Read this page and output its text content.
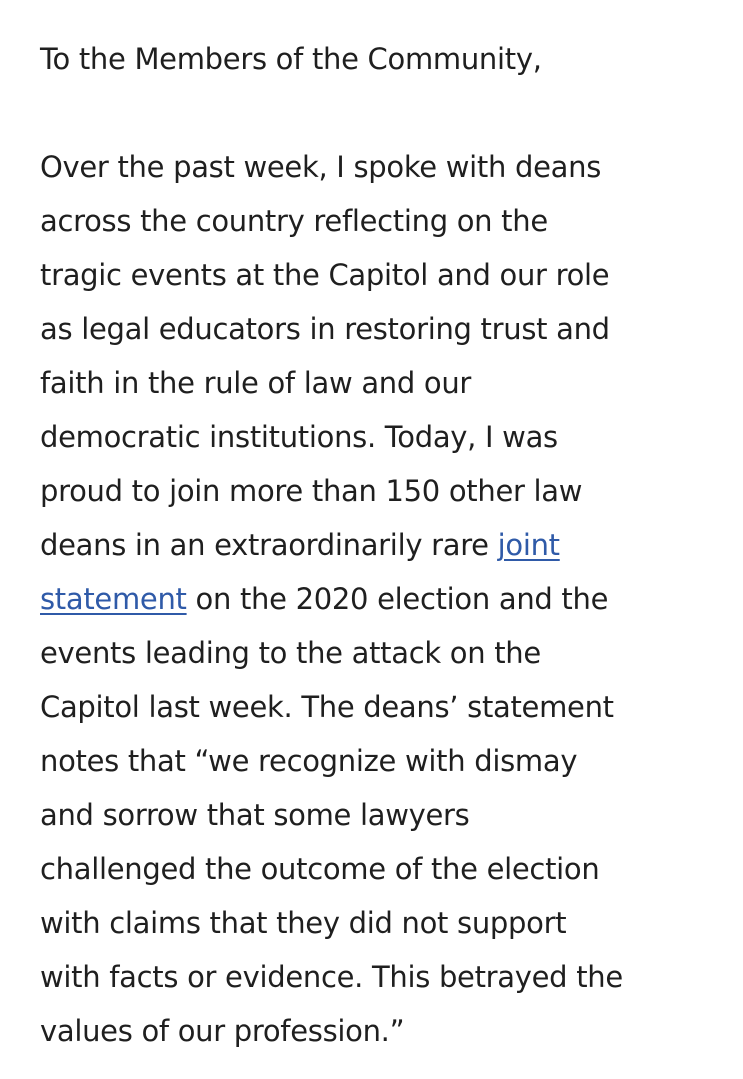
To the Members of the Community,
Over the past week, I spoke with deans
across the country reflecting on the
tragic events at the Capitol and our role
as legal educators in restoring trust and
faith in the rule of law and our
democratic institutions. Today, I was
proud to join more than 150 other law
deans in an extraordinarily rare joint
statement on the 2020 election and the
events leading to the attack on the
Capitol last week. The deans’ statement
notes that “we recognize with dismay
and sorrow that some lawyers
challenged the outcome of the election
with claims that they did not support
with facts or evidence. This betrayed the
values of our profession.”
